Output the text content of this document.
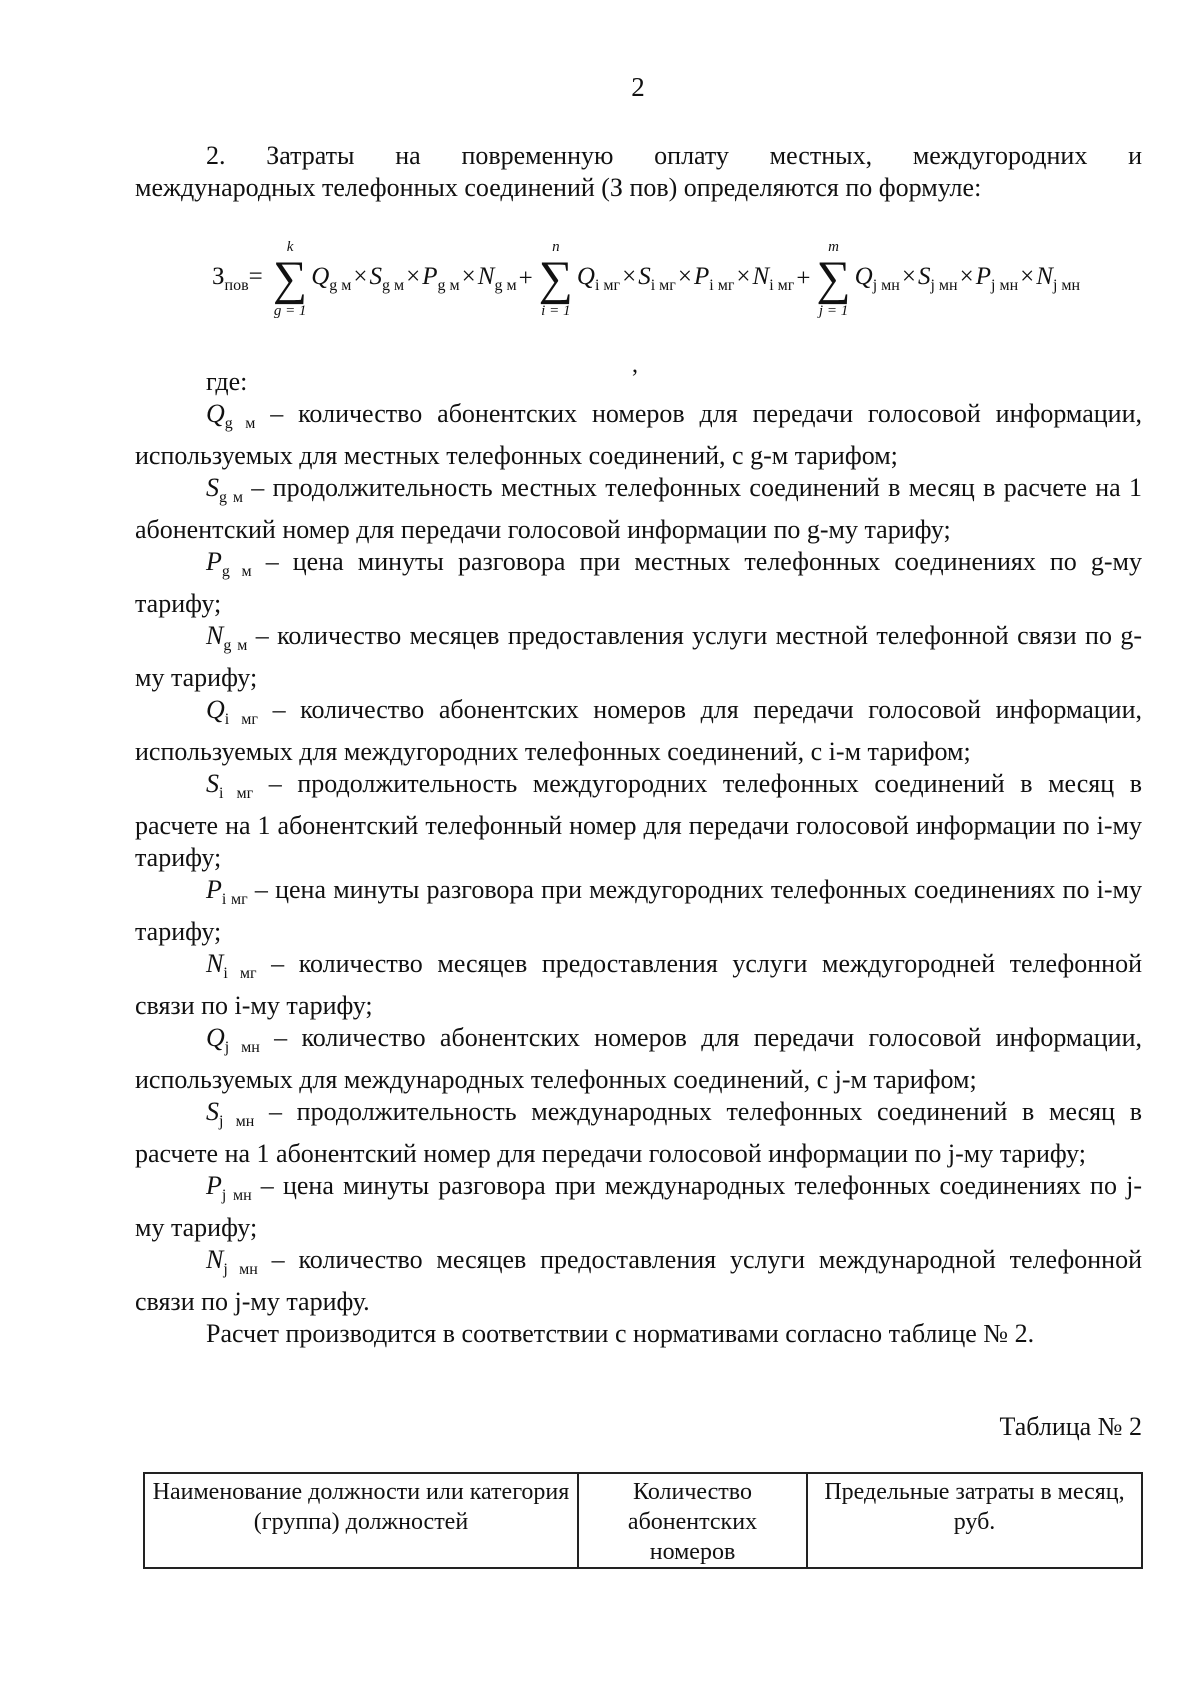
2

2. Затраты на повременную оплату местных, междугородних и

международных телефонных соединений (З пов) определяются по формуле:

$З_{пов}=$
k
∑
g = 1
$Q_{g м}\times S_{g м}\times P_{g м}\times N_{g м}+$
n
∑
i = 1
$Q_{i мг}\times S_{i мг}\times P_{i мг}\times N_{i мг}+$
m
∑
j = 1
$Q_{j мн}\times S_{j мн}\times P_{j мн}\times N_{j мн}$
,

где:

$Q_{g м}$ – количество абонентских номеров для передачи голосовой информации, используемых для местных телефонных соединений, с g-м тарифом;

$S_{g м}$ – продолжительность местных телефонных соединений в месяц в расчете на 1 абонентский номер для передачи голосовой информации по g-му тарифу;

$P_{g м}$ – цена минуты разговора при местных телефонных соединениях по g-му тарифу;

$N_{g м}$ – количество месяцев предоставления услуги местной телефонной связи по g-му тарифу;

$Q_{i мг}$ – количество абонентских номеров для передачи голосовой информации, используемых для междугородних телефонных соединений, с i-м тарифом;

$S_{i мг}$ – продолжительность междугородних телефонных соединений в месяц в расчете на 1 абонентский телефонный номер для передачи голосовой информации по i-му тарифу;

$P_{i мг}$ – цена минуты разговора при междугородних телефонных соединениях по i-му тарифу;

$N_{i мг}$ – количество месяцев предоставления услуги междугородней телефонной связи по i-му тарифу;

$Q_{j мн}$ – количество абонентских номеров для передачи голосовой информации, используемых для международных телефонных соединений, с j-м тарифом;

$S_{j мн}$ – продолжительность международных телефонных соединений в месяц в расчете на 1 абонентский номер для передачи голосовой информации по j-му тарифу;

$P_{j мн}$ – цена минуты разговора при международных телефонных соединениях по j-му тарифу;

$N_{j мн}$ – количество месяцев предоставления услуги международной телефонной связи по j-му тарифу.

Расчет производится в соответствии с нормативами согласно таблице № 2.

Таблица № 2
Наименование должности или категория (группа) должностей	Количество абонентских номеров	Предельные затраты в месяц, руб.
